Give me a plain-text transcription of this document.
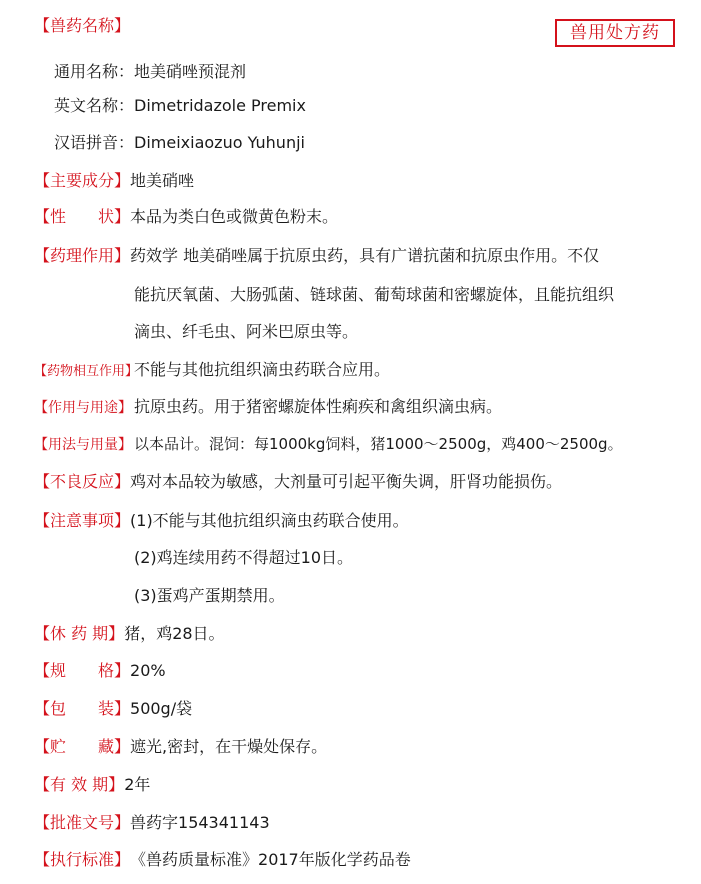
兽用处方药
【兽药名称】
通用名称：地美硝唑预混剂
英文名称：Dimetridazole Premix
汉语拼音：Dimeixiaozuo Yuhunji
【主要成分】地美硝唑
【性　　状】本品为类白色或微黄色粉末。
【药理作用】药效学 地美硝唑属于抗原虫药，具有广谱抗菌和抗原虫作用。不仅
能抗厌氧菌、大肠弧菌、链球菌、葡萄球菌和密螺旋体，且能抗组织
滴虫、纤毛虫、阿米巴原虫等。
【药物相互作用】不能与其他抗组织滴虫药联合应用。
【作用与用途】 抗原虫药。用于猪密螺旋体性痢疾和禽组织滴虫病。
【用法与用量】 以本品计。混饲：每1000kg饲料，猪1000～2500g，鸡400～2500g。
【不良反应】鸡对本品较为敏感，大剂量可引起平衡失调，肝肾功能损伤。
【注意事项】(1)不能与其他抗组织滴虫药联合使用。
(2)鸡连续用药不得超过10日。
(3)蛋鸡产蛋期禁用。
【休 药 期】猪，鸡28日。
【规　　格】20%
【包　　装】500g/袋
【贮　　藏】遮光,密封，在干燥处保存。
【有 效 期】2年
【批准文号】兽药字154341143
【执行标准】《兽药质量标准》2017年版化学药品卷
